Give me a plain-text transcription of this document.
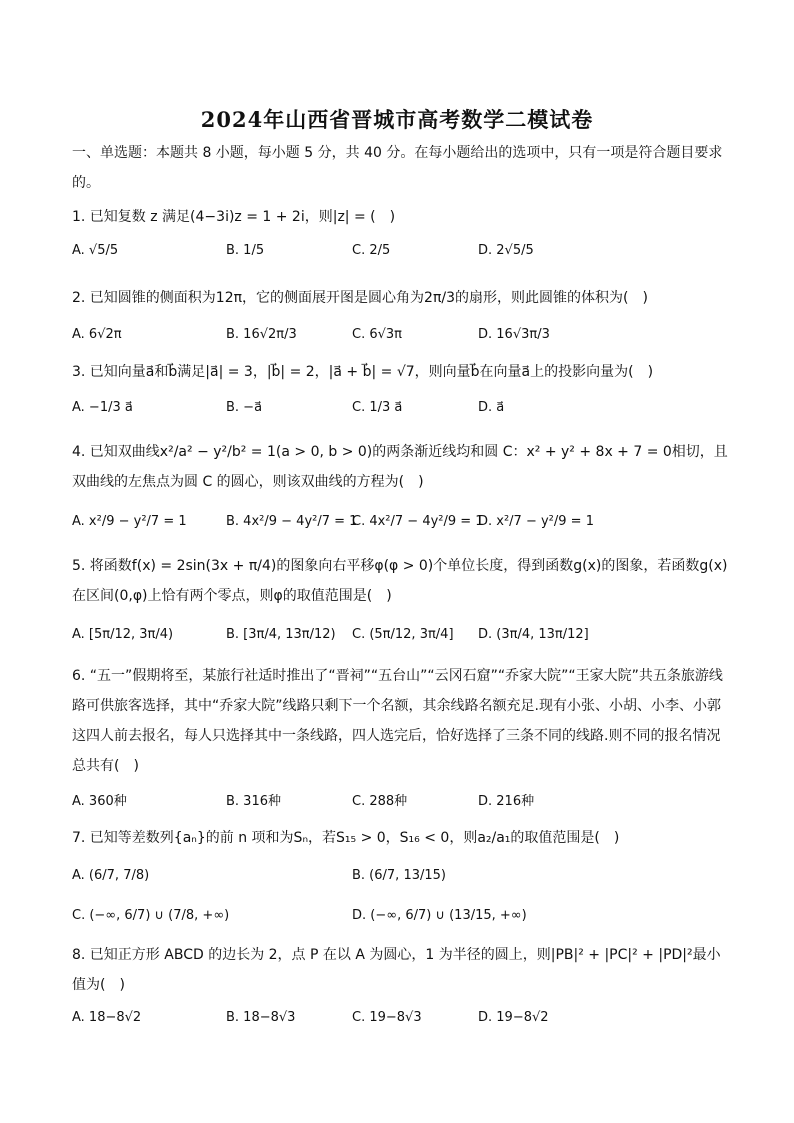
2024年山西省晋城市高考数学二模试卷
一、单选题：本题共 8 小题，每小题 5 分，共 40 分。在每小题给出的选项中，只有一项是符合题目要求的。
1. 已知复数 z 满足(4−3i)z = 1 + 2i，则|z| = (　)
A. √5/5	B. 1/5	C. 2/5	D. 2√5/5
2. 已知圆锥的侧面积为12π，它的侧面展开图是圆心角为2π/3的扇形，则此圆锥的体积为(　)
A. 6√2π	B. 16√2π/3	C. 6√3π	D. 16√3π/3
3. 已知向量a⃗和b⃗满足|a⃗| = 3，|b⃗| = 2，|a⃗ + b⃗| = √7，则向量b⃗在向量a⃗上的投影向量为(　)
A. −1/3 a⃗	B. −a⃗	C. 1/3 a⃗	D. a⃗
4. 已知双曲线x²/a² − y²/b² = 1(a > 0, b > 0)的两条渐近线均和圆 C：x² + y² + 8x + 7 = 0相切，且双曲线的左焦点为圆 C 的圆心，则该双曲线的方程为(　)
A. x²/9 − y²/7 = 1	B. 4x²/9 − 4y²/7 = 1
C. 4x²/7 − 4y²/9 = 1
D. x²/7 − y²/9 = 1
5. 将函数f(x) = 2sin(3x + π/4)的图象向右平移φ(φ > 0)个单位长度，得到函数g(x)的图象，若函数g(x)在区间(0,φ)上恰有两个零点，则φ的取值范围是(　)
A. [5π/12, 3π/4)	B. [3π/4, 13π/12) C. (5π/12, 3π/4] D. (3π/4, 13π/12]
6. “五一”假期将至，某旅行社适时推出了“晋祠”“五台山”“云冈石窟”“乔家大院”“王家大院”共五条旅游线路可供旅客选择，其中“乔家大院”线路只剩下一个名额，其余线路名额充足.现有小张、小胡、小李、小郭这四人前去报名，每人只选择其中一条线路，四人选完后，恰好选择了三条不同的线路.则不同的报名情况总共有(　)
A. 360种	B. 316种	C. 288种	D. 216种
7. 已知等差数列{aₙ}的前 n 项和为Sₙ，若S₁₅ > 0，S₁₆ < 0，则a₂/a₁的取值范围是(　)
A. (6/7, 7/8)	B. (6/7, 13/15)
C. (−∞, 6/7) ∪ (7/8, +∞)	D. (−∞, 6/7) ∪ (13/15, +∞)
8. 已知正方形 ABCD 的边长为 2，点 P 在以 A 为圆心，1 为半径的圆上，则|PB|² + |PC|² + |PD|²最小值为(　)
A. 18−8√2	B. 18−8√3	C. 19−8√3	D. 19−8√2
